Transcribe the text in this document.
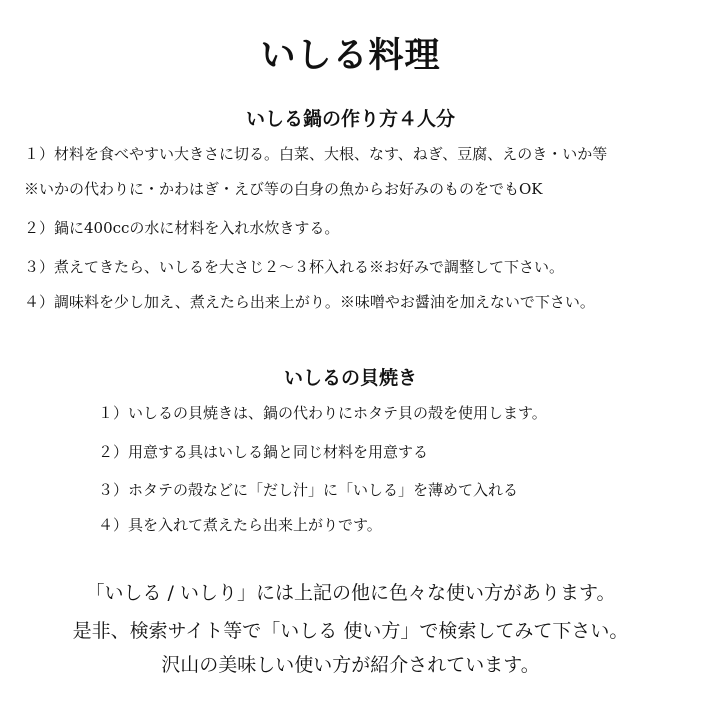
いしる料理
いしる鍋の作り方４人分
１）材料を食べやすい大きさに切る。白菜、大根、なす、ねぎ、豆腐、えのき・いか等
※いかの代わりに・かわはぎ・えび等の白身の魚からお好みのものをでもOK
２）鍋に400ccの水に材料を入れ水炊きする。
３）煮えてきたら、いしるを大さじ２～３杯入れる※お好みで調整して下さい。
４）調味料を少し加え、煮えたら出来上がり。※味噌やお醤油を加えないで下さい。
いしるの貝焼き
１）いしるの貝焼きは、鍋の代わりにホタテ貝の殻を使用します。
２）用意する具はいしる鍋と同じ材料を用意する
３）ホタテの殻などに「だし汁」に「いしる」を薄めて入れる
４）具を入れて煮えたら出来上がりです。
「いしる / いしり」には上記の他に色々な使い方があります。
是非、検索サイト等で「いしる 使い方」で検索してみて下さい。
沢山の美味しい使い方が紹介されています。
